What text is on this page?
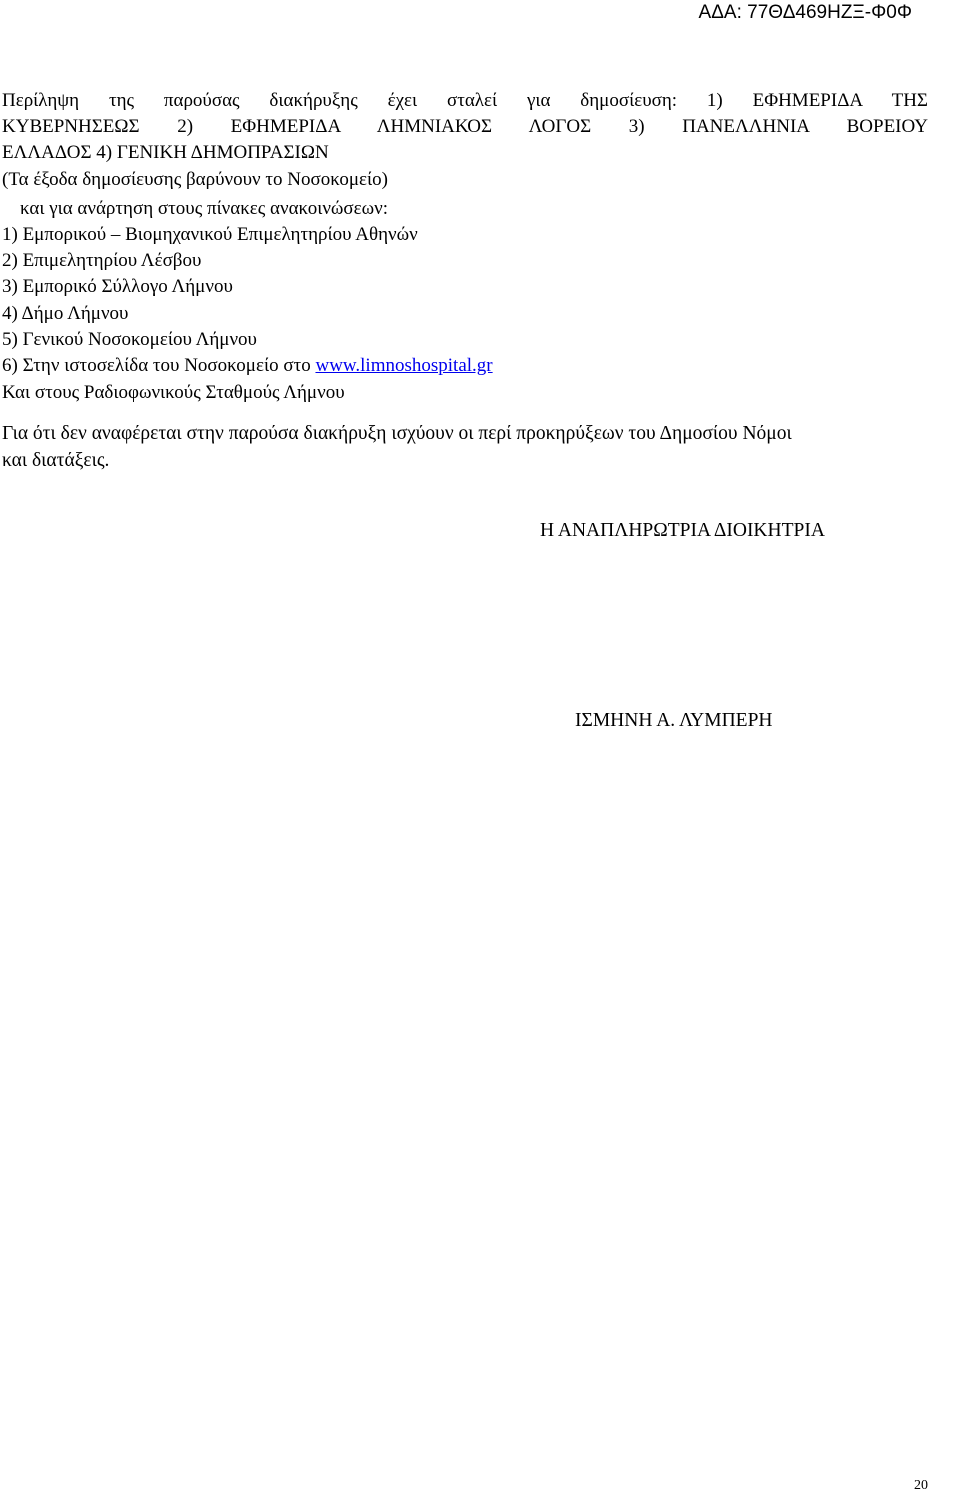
ΑΔΑ: 77ΘΔ469ΗΖΞ-Φ0Φ
Περίληψη της παρούσας διακήρυξης έχει σταλεί για δημοσίευση: 1) ΕΦΗΜΕΡΙΔΑ ΤΗΣ
ΚΥΒΕΡΝΗΣΕΩΣ 2) ΕΦΗΜΕΡΙΔΑ ΛΗΜΝΙΑΚΟΣ ΛΟΓΟΣ 3) ΠΑΝΕΛΛΗΝΙΑ ΒΟΡΕΙΟΥ
ΕΛΛΑΔΟΣ 4) ΓΕΝΙΚΗ ΔΗΜΟΠΡΑΣΙΩΝ
(Τα έξοδα δημοσίευσης βαρύνουν το Νοσοκομείο)
και για ανάρτηση στους πίνακες ανακοινώσεων:
1) Εμπορικού – Βιομηχανικού Επιμελητηρίου Αθηνών
2) Επιμελητηρίου Λέσβου
3) Εμπορικό Σύλλογο Λήμνου
4) Δήμο Λήμνου
5) Γενικού Νοσοκομείου Λήμνου
6) Στην ιστοσελίδα του Νοσοκομείο στο www.limnoshospital.gr
Και στους Ραδιοφωνικούς Σταθμούς Λήμνου
Για ότι δεν αναφέρεται στην παρούσα διακήρυξη ισχύουν οι περί προκηρύξεων του Δημοσίου Νόμοι
και διατάξεις.
Η ΑΝΑΠΛΗΡΩΤΡΙΑ ΔΙΟΙΚΗΤΡΙΑ
ΙΣΜΗΝΗ Α. ΛΥΜΠΕΡΗ
20
